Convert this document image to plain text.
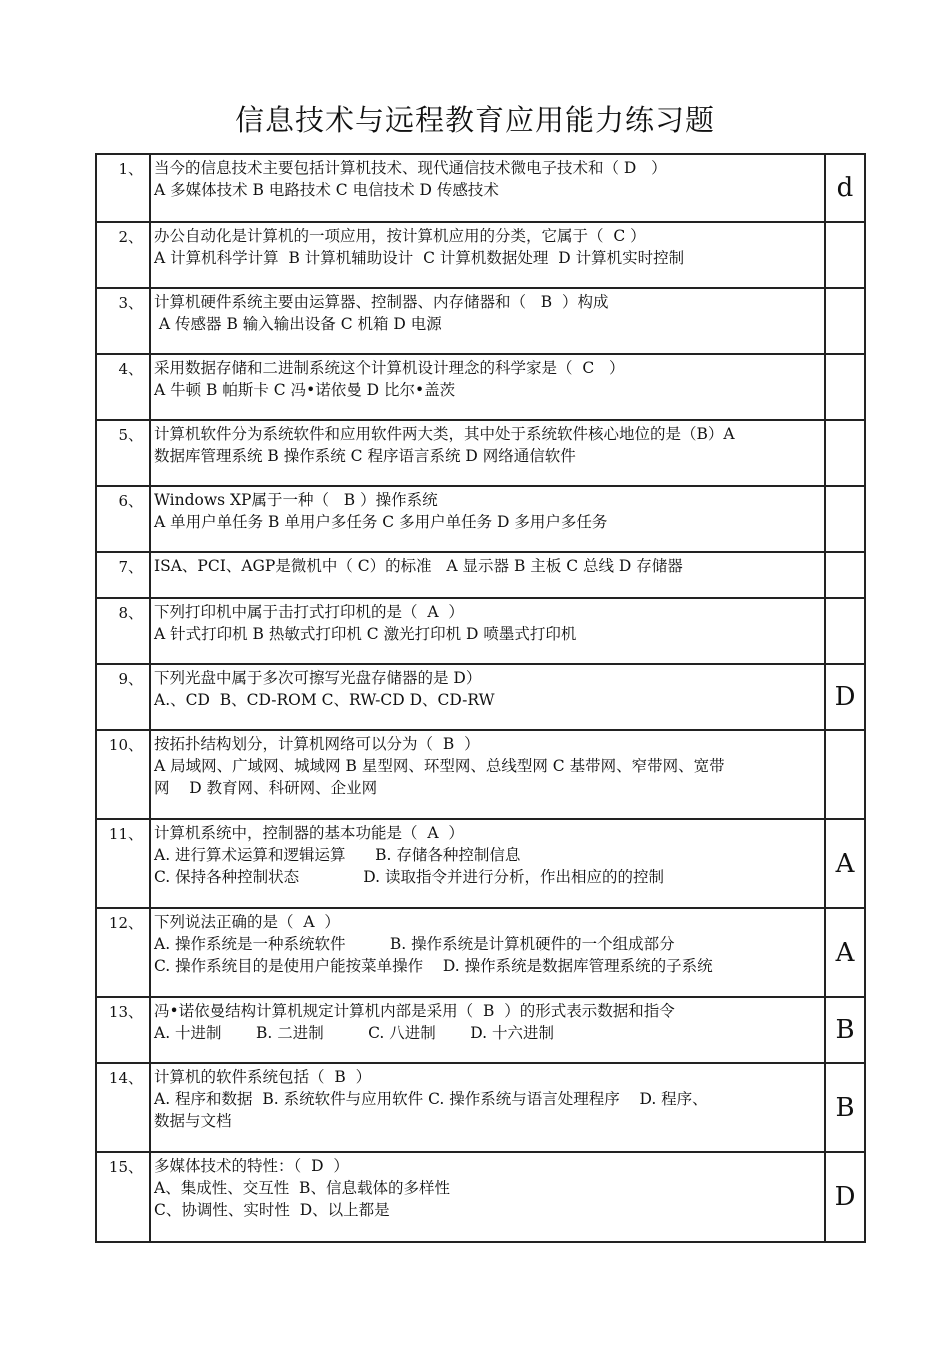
信息技术与远程教育应用能力练习题
1、	当今的信息技术主要包括计算机技术、现代通信技术微电子技术和（ D   ）
A 多媒体技术 B 电路技术 C 电信技术 D 传感技术	d
2、	办公自动化是计算机的一项应用，按计算机应用的分类，它属于（  C ）
A 计算机科学计算  B 计算机辅助设计  C 计算机数据处理  D 计算机实时控制	

3、	计算机硬件系统主要由运算器、控制器、内存储器和（   B  ）构成
A 传感器 B 输入输出设备 C 机箱 D 电源	

4、	采用数据存储和二进制系统这个计算机设计理念的科学家是（  C   ）
A 牛顿 B 帕斯卡 C 冯•诺依曼 D 比尔•盖茨	

5、	计算机软件分为系统软件和应用软件两大类，其中处于系统软件核心地位的是（B）A
数据库管理系统 B 操作系统 C 程序语言系统 D 网络通信软件	

6、	Windows XP属于一种（   B ）操作系统
A 单用户单任务 B 单用户多任务 C 多用户单任务 D 多用户多任务	

7、	ISA、PCI、AGP是微机中（ C）的标准   A 显示器 B 主板 C 总线 D 存储器	

8、	下列打印机中属于击打式打印机的是（  A  ）
A 针式打印机 B 热敏式打印机 C 激光打印机 D 喷墨式打印机	

9、	下列光盘中属于多次可擦写光盘存储器的是 D）
A.、CD  B、CD-ROM C、RW-CD D、CD-RW	D
10、	按拓扑结构划分，计算机网络可以分为（  B  ）
A 局域网、广域网、城域网 B 星型网、环型网、总线型网 C 基带网、窄带网、宽带
网    D 教育网、科研网、企业网	

11、	计算机系统中，控制器的基本功能是（  A  ）
A. 进行算术运算和逻辑运算      B. 存储各种控制信息
C. 保持各种控制状态             D. 读取指令并进行分析，作出相应的的控制	A
12、	下列说法正确的是（  A  ）
A. 操作系统是一种系统软件         B. 操作系统是计算机硬件的一个组成部分
C. 操作系统目的是使用户能按菜单操作    D. 操作系统是数据库管理系统的子系统	A
13、	冯•诺依曼结构计算机规定计算机内部是采用（  B  ）的形式表示数据和指令
A. 十进制       B. 二进制         C. 八进制       D. 十六进制	B
14、	计算机的软件系统包括（  B  ）
A. 程序和数据  B. 系统软件与应用软件 C. 操作系统与语言处理程序    D. 程序、
数据与文档	B
15、	多媒体技术的特性：（  D  ）
A、集成性、交互性  B、信息载体的多样性
C、协调性、实时性  D、以上都是	D
